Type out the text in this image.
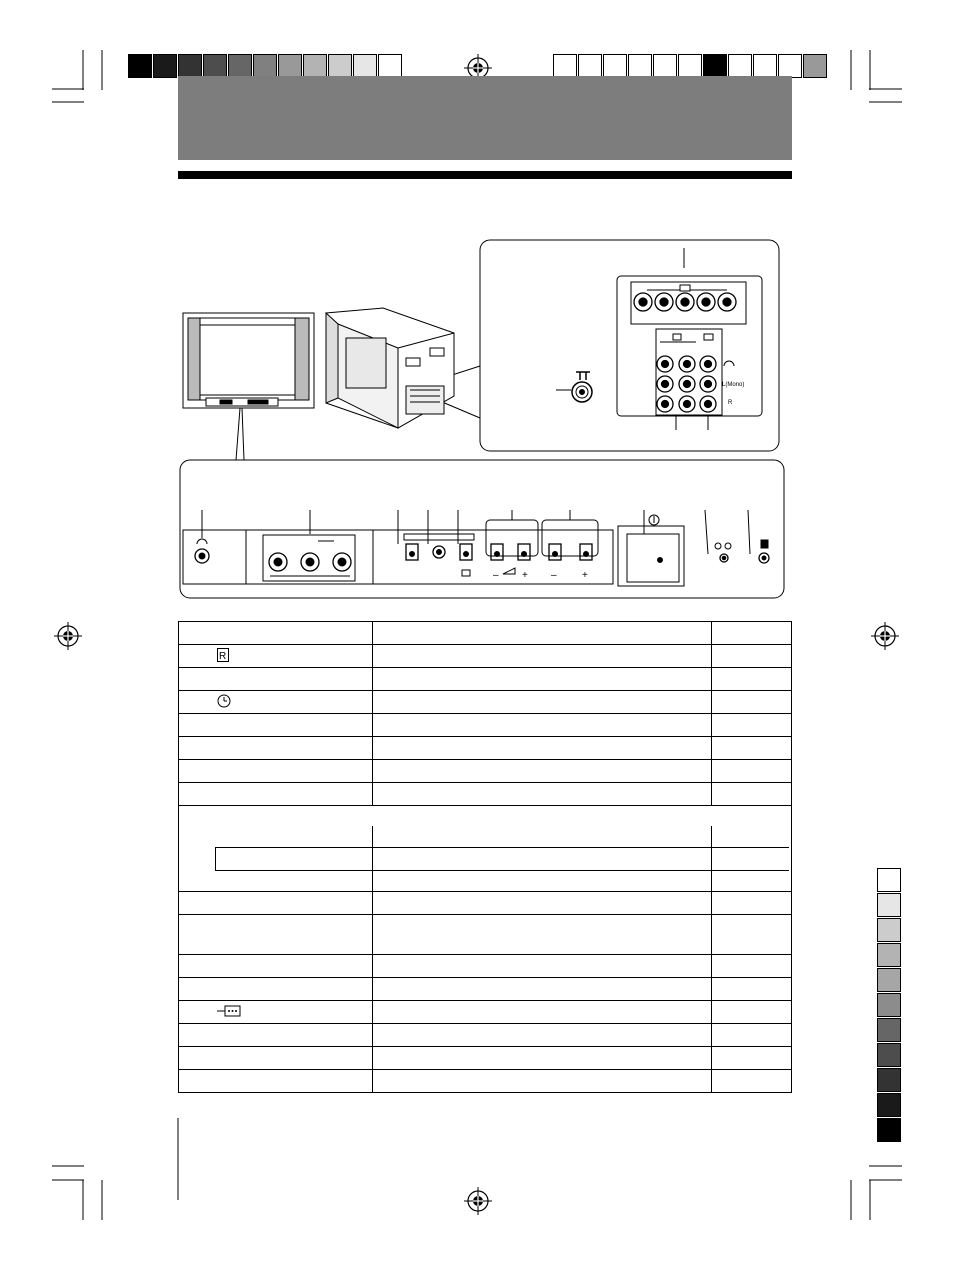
L(Mono)
R
– + –	+

R		
